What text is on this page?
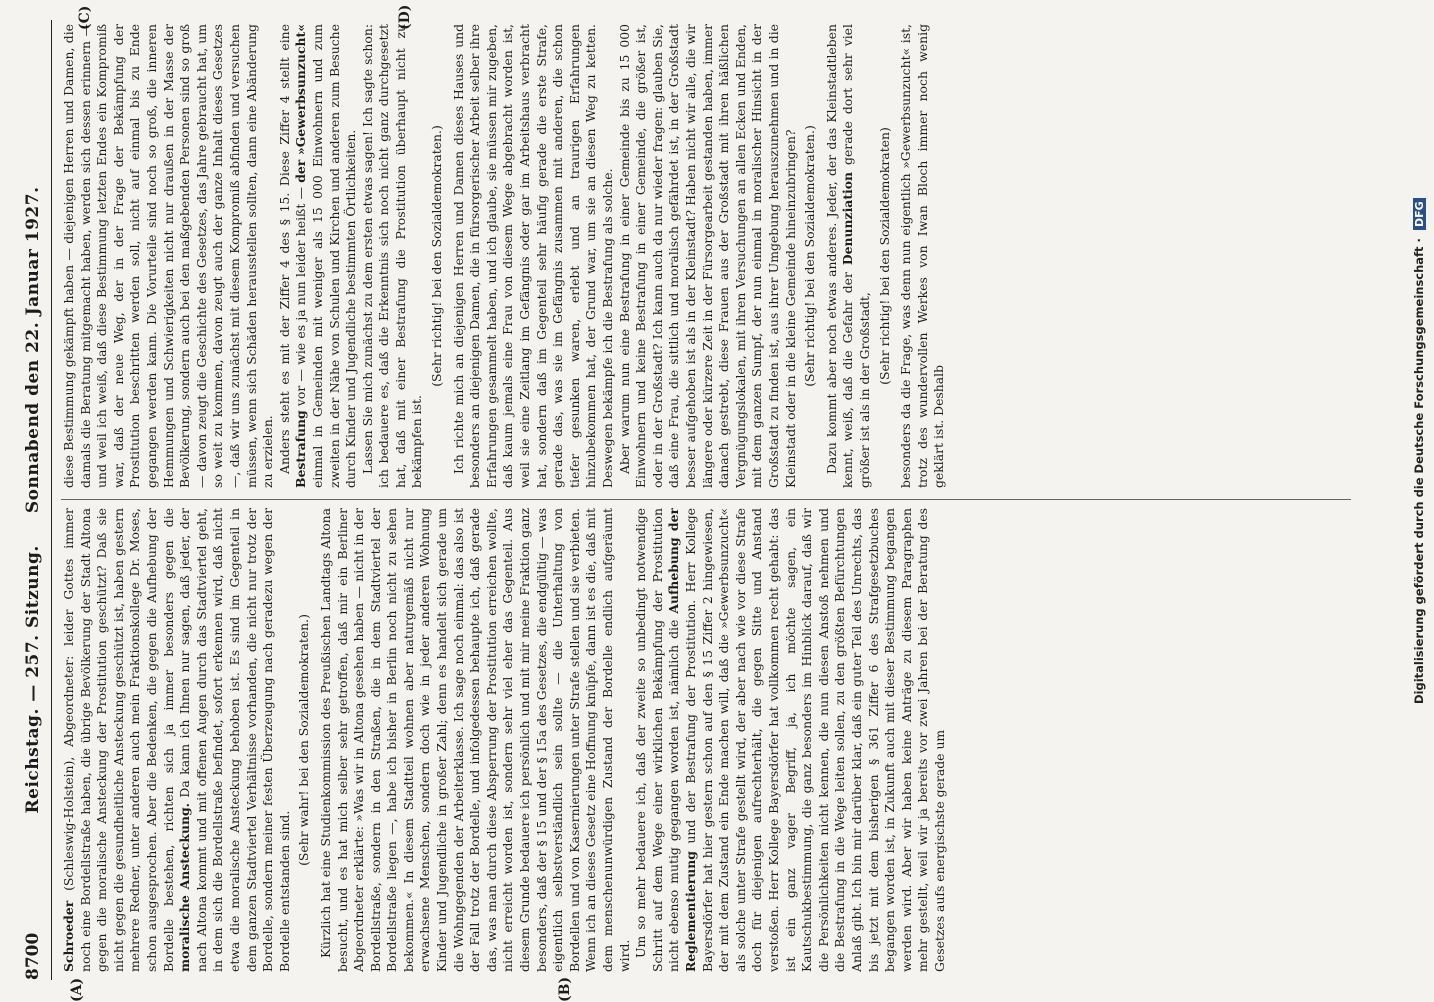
8700
Reichstag. — 257. Sitzung.     Sonnabend den 22. Januar 1927.
(A)	(B)
(C)	(D)

Schroeder (Schleswig-Holstein), Abgeordneter: leider Gottes immer noch eine Bordellstraße haben, die übrige Bevölkerung der Stadt Altona gegen die moralische Ansteckung der Prostitution geschützt? Daß sie nicht gegen die gesundheitliche Ansteckung geschützt ist, haben gestern mehrere Redner, unter anderen auch mein Fraktionskollege Dr. Moses, schon ausgesprochen. Aber die Bedenken, die gegen die Aufhebung der Bordelle bestehen, richten sich ja immer besonders gegen die moralische Ansteckung. Da kann ich Ihnen nur sagen, daß jeder, der nach Altona kommt und mit offenen Augen durch das Stadtviertel geht, in dem sich die Bordellstraße befindet, sofort erkennen wird, daß nicht etwa die moralische Ansteckung behoben ist. Es sind im Gegenteil in dem ganzen Stadtviertel Verhältnisse vorhanden, die nicht nur trotz der Bordelle, sondern meiner festen Überzeugung nach geradezu wegen der Bordelle entstanden sind.

(Sehr wahr! bei den Sozialdemokraten.) Kürzlich hat eine Studienkommission des Preußischen Landtags Altona besucht, und es hat mich selber sehr getroffen, daß mir ein Berliner Abgeordneter erklärte: »Was wir in Altona gesehen haben — nicht in der Bordellstraße, sondern in den Straßen, die in dem Stadtviertel der Bordellstraße liegen —, habe ich bisher in Berlin noch nicht zu sehen bekommen.« In diesem Stadtteil wohnen aber naturgemäß nicht nur erwachsene Menschen, sondern doch wie in jeder anderen Wohnung Kinder und Jugendliche in großer Zahl; denn es handelt sich gerade um die Wohngegenden der Arbeiterklasse. Ich sage noch einmal: das also ist der Fall trotz der Bordelle, und infolgedessen behaupte ich, daß gerade das, was man durch diese Absperrung der Prostitution erreichen wollte, nicht erreicht worden ist, sondern sehr viel eher das Gegenteil. Aus diesem Grunde bedauere ich persönlich und mit mir meine Fraktion ganz besonders, daß der § 15 und der § 15a des Gesetzes, die endgültig — was eigentlich selbstverständlich sein sollte — die Unterhaltung von Bordellen und von Kasernierungen unter Strafe stellen und sie verbieten. Wenn ich an dieses Gesetz eine Hoffnung knüpfe, dann ist es die, daß mit dem menschenunwürdigen Zustand der Bordelle endlich aufgeräumt wird. Um so mehr bedauere ich, daß der zweite so unbedingt notwendige Schritt auf dem Wege einer wirklichen Bekämpfung der Prostitution nicht ebenso mutig gegangen worden ist, nämlich die Aufhebung der Reglementierung und der Bestrafung der Prostitution. Herr Kollege Bayersdörfer hat hier gestern schon auf den § 15 Ziffer 2 hingewiesen, der mit dem Zustand ein Ende machen will, daß die »Gewerbsunzucht« als solche unter Strafe gestellt wird, der aber nach wie vor diese Strafe doch für diejenigen aufrechterhält, die gegen Sitte und Anstand verstoßen. Herr Kollege Bayersdörfer hat vollkommen recht gehabt: das ist ein ganz vager Begriff, ja, ich möchte sagen, ein Kautschukbestimmung, die ganz besonders im Hinblick darauf, daß wir die Persönlichkeiten nicht kennen, die nun diesen Anstoß nehmen und die Bestrafung in die Wege leiten sollen, zu den größten Befürchtungen Anlaß gibt. Ich bin mir darüber klar, daß ein guter Teil des Unrechts, das bis jetzt mit dem bisherigen § 361 Ziffer 6 des Strafgesetzbuches begangen worden ist, in Zukunft auch mit dieser Bestimmung begangen werden wird. Aber wir haben keine Anträge zu diesem Paragraphen mehr gestellt, weil wir ja bereits vor zwei Jahren bei der Beratung des Gesetzes aufs energischste gerade um

diese Bestimmung gekämpft haben — diejenigen Herren und Damen, die damals die Beratung mitgemacht haben, werden sich dessen erinnern — und weil ich weiß, daß diese Bestimmung letzten Endes ein Kompromiß war, daß der neue Weg, der in der Frage der Bekämpfung der Prostitution beschritten werden soll, nicht auf einmal bis zu Ende gegangen werden kann. Die Vorurteile sind noch so groß, die inneren Hemmungen und Schwierigkeiten nicht nur draußen in der Masse der Bevölkerung, sondern auch bei den maßgebenden Personen sind so groß — davon zeugt die Geschichte des Gesetzes, das Jahre gebraucht hat, um so weit zu kommen, davon zeugt auch der ganze Inhalt dieses Gesetzes —, daß wir uns zunächst mit diesem Kompromiß abfinden und versuchen müssen, wenn sich Schäden herausstellen sollten, dann eine Abänderung zu erzielen. Anders steht es mit der Ziffer 4 des § 15. Diese Ziffer 4 stellt eine Bestrafung vor — wie es ja nun leider heißt — der »Gewerbsunzucht« einmal in Gemeinden mit weniger als 15 000 Einwohnern und zum zweiten in der Nähe von Schulen und Kirchen und anderen zum Besuche durch Kinder und Jugendliche bestimmten Örtlichkeiten. Lassen Sie mich zunächst zu dem ersten etwas sagen! Ich sagte schon: ich bedauere es, daß die Erkenntnis sich noch nicht ganz durchgesetzt hat, daß mit einer Bestrafung die Prostitution überhaupt nicht zu bekämpfen ist.

(Sehr richtig! bei den Sozialdemokraten.) Ich richte mich an diejenigen Herren und Damen dieses Hauses und besonders an diejenigen Damen, die in fürsorgerischer Arbeit selber ihre Erfahrungen gesammelt haben, und ich glaube, sie müssen mir zugeben, daß kaum jemals eine Frau von diesem Wege abgebracht worden ist, weil sie eine Zeitlang im Gefängnis oder gar im Arbeitshaus verbracht hat, sondern daß im Gegenteil sehr häufig gerade die erste Strafe, gerade das, was sie im Gefängnis zusammen mit anderen, die schon tiefer gesunken waren, erlebt und an traurigen Erfahrungen hinzubekommen hat, der Grund war, um sie an diesen Weg zu ketten. Deswegen bekämpfe ich die Bestrafung als solche. Aber warum nun eine Bestrafung in einer Gemeinde bis zu 15 000 Einwohnern und keine Bestrafung in einer Gemeinde, die größer ist, oder in der Großstadt? Ich kann auch da nur wieder fragen: glauben Sie, daß eine Frau, die sittlich und moralisch gefährdet ist, in der Großstadt besser aufgehoben ist als in der Kleinstadt? Haben nicht wir alle, die wir längere oder kürzere Zeit in der Fürsorgearbeit gestanden haben, immer danach gestrebt, diese Frauen aus der Großstadt mit ihren häßlichen Vergnügungslokalen, mit ihren Versuchungen an allen Ecken und Enden, mit dem ganzen Sumpf, der nun einmal in moralischer Hinsicht in der Großstadt zu finden ist, aus ihrer Umgebung herauszunehmen und in die Kleinstadt oder in die kleine Gemeinde hineinzubringen? (Sehr richtig! bei den Sozialdemokraten.) Dazu kommt aber noch etwas anderes. Jeder, der das Kleinstadtleben kennt, weiß, daß die Gefahr der Denunziation gerade dort sehr viel größer ist als in der Großstadt,

(Sehr richtig! bei den Sozialdemokraten) besonders da die Frage, was denn nun eigentlich »Gewerbsunzucht« ist, trotz des wundervollen Werkes von Iwan Bloch immer noch wenig geklärt ist. Deshalb	Digitalisierung gefördert durch die Deutsche Forschungsgemeinschaft · DFG
